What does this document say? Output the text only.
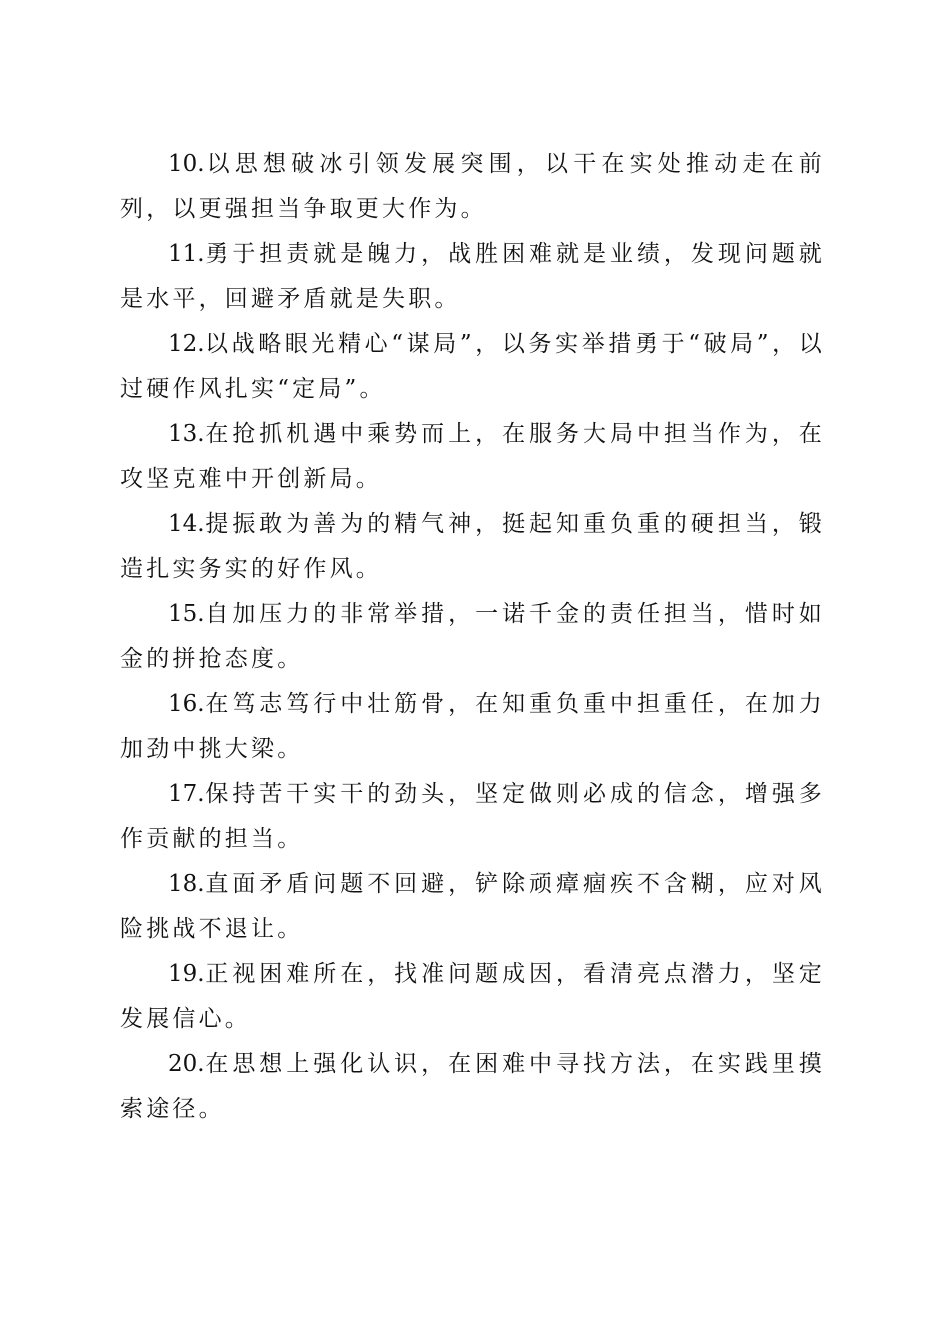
10.以思想破冰引领发展突围，以干在实处推动走在前列，以更强担当争取更大作为。

11.勇于担责就是魄力，战胜困难就是业绩，发现问题就是水平，回避矛盾就是失职。

12.以战略眼光精心“谋局”，以务实举措勇于“破局”，以过硬作风扎实“定局”。

13.在抢抓机遇中乘势而上，在服务大局中担当作为，在攻坚克难中开创新局。

14.提振敢为善为的精气神，挺起知重负重的硬担当，锻造扎实务实的好作风。

15.自加压力的非常举措，一诺千金的责任担当，惜时如金的拼抢态度。

16.在笃志笃行中壮筋骨，在知重负重中担重任，在加力加劲中挑大梁。

17.保持苦干实干的劲头，坚定做则必成的信念，增强多作贡献的担当。

18.直面矛盾问题不回避，铲除顽瘴痼疾不含糊，应对风险挑战不退让。

19.正视困难所在，找准问题成因，看清亮点潜力，坚定发展信心。

20.在思想上强化认识，在困难中寻找方法，在实践里摸索途径。
